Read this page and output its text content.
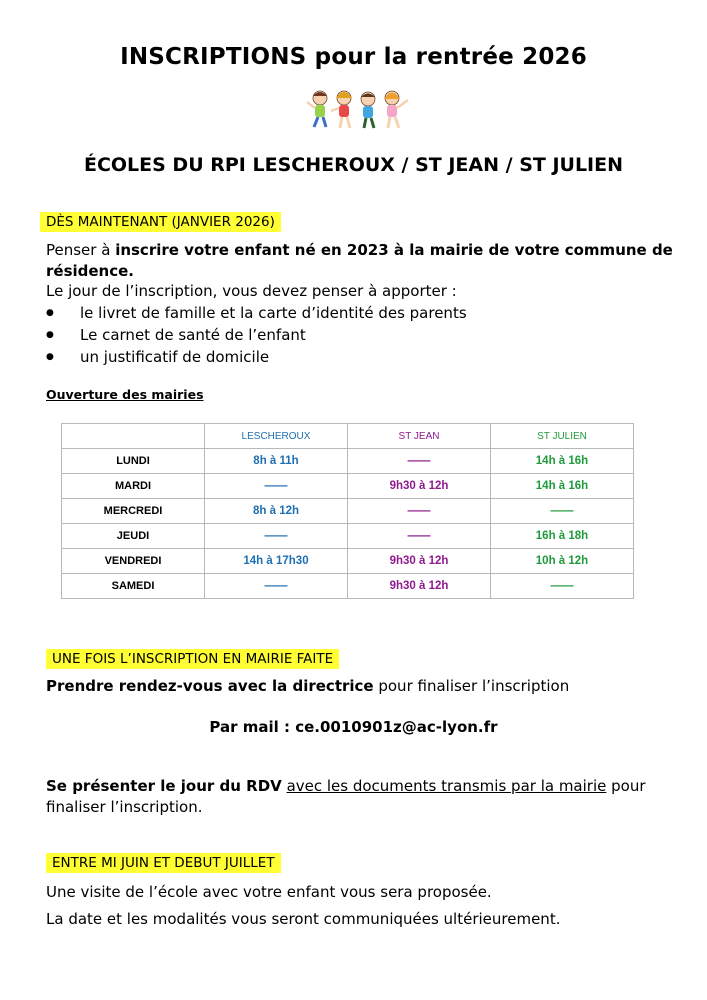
INSCRIPTIONS pour la rentrée 2026
ÉCOLES DU RPI LESCHEROUX / ST JEAN / ST JULIEN
DÈS MAINTENANT (JANVIER 2026)
Penser à inscrire votre enfant né en 2023 à la mairie de votre commune de
résidence.
Le jour de l’inscription, vous devez penser à apporter :
● le livret de famille et la carte d’identité des parents
● Le carnet de santé de l’enfant
● un justificatif de domicile
Ouverture des mairies
	LESCHEROUX	ST JEAN	ST JULIEN
LUNDI	8h à 11h	——	14h à 16h
MARDI	——	9h30 à 12h	14h à 16h
MERCREDI	8h à 12h	——	——
JEUDI	——	——	16h à 18h
VENDREDI	14h à 17h30	9h30 à 12h	10h à 12h
SAMEDI	——	9h30 à 12h	——
UNE FOIS L’INSCRIPTION EN MAIRIE FAITE
Prendre rendez-vous avec la directrice pour finaliser l’inscription
Par mail : ce.0010901z@ac-lyon.fr
Se présenter le jour du RDV avec les documents transmis par la mairie pour
finaliser l’inscription.
ENTRE MI JUIN ET DEBUT JUILLET
Une visite de l’école avec votre enfant vous sera proposée.
La date et les modalités vous seront communiquées ultérieurement.
